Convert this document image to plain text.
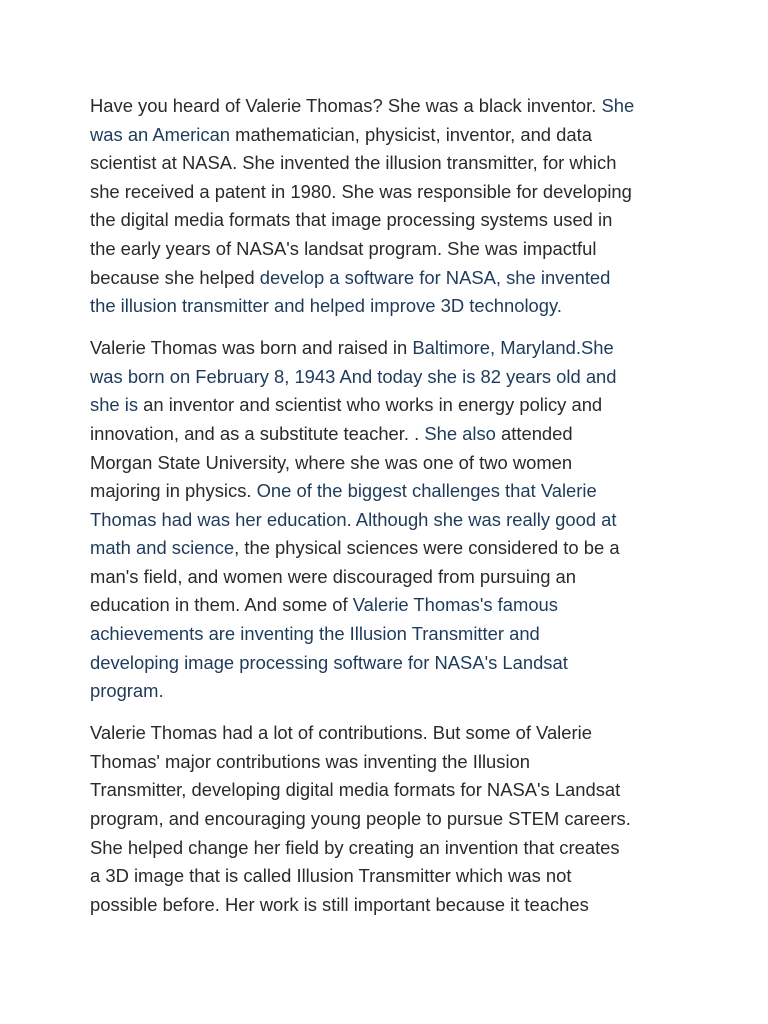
Have you heard of Valerie Thomas? She was a black inventor. She
was an American mathematician, physicist, inventor, and data
scientist at NASA. She invented the illusion transmitter, for which
she received a patent in 1980. She was responsible for developing
the digital media formats that image processing systems used in
the early years of NASA's landsat program. She was impactful
because she helped develop a software for NASA, she invented
the illusion transmitter and helped improve 3D technology.

Valerie Thomas was born and raised in Baltimore, Maryland.She
was born on February 8, 1943 And today she is 82 years old and
she is an inventor and scientist who works in energy policy and
innovation, and as a substitute teacher. . She also attended
Morgan State University, where she was one of two women
majoring in physics. One of the biggest challenges that Valerie
Thomas had was her education. Although she was really good at
math and science, the physical sciences were considered to be a
man's field, and women were discouraged from pursuing an
education in them. And some of Valerie Thomas's famous
achievements are inventing the Illusion Transmitter and
developing image processing software for NASA's Landsat
program.

Valerie Thomas had a lot of contributions. But some of Valerie
Thomas' major contributions was inventing the Illusion
Transmitter, developing digital media formats for NASA's Landsat
program, and encouraging young people to pursue STEM careers.
She helped change her field by creating an invention that creates
a 3D image that is called Illusion Transmitter which was not
possible before. Her work is still important because it teaches
